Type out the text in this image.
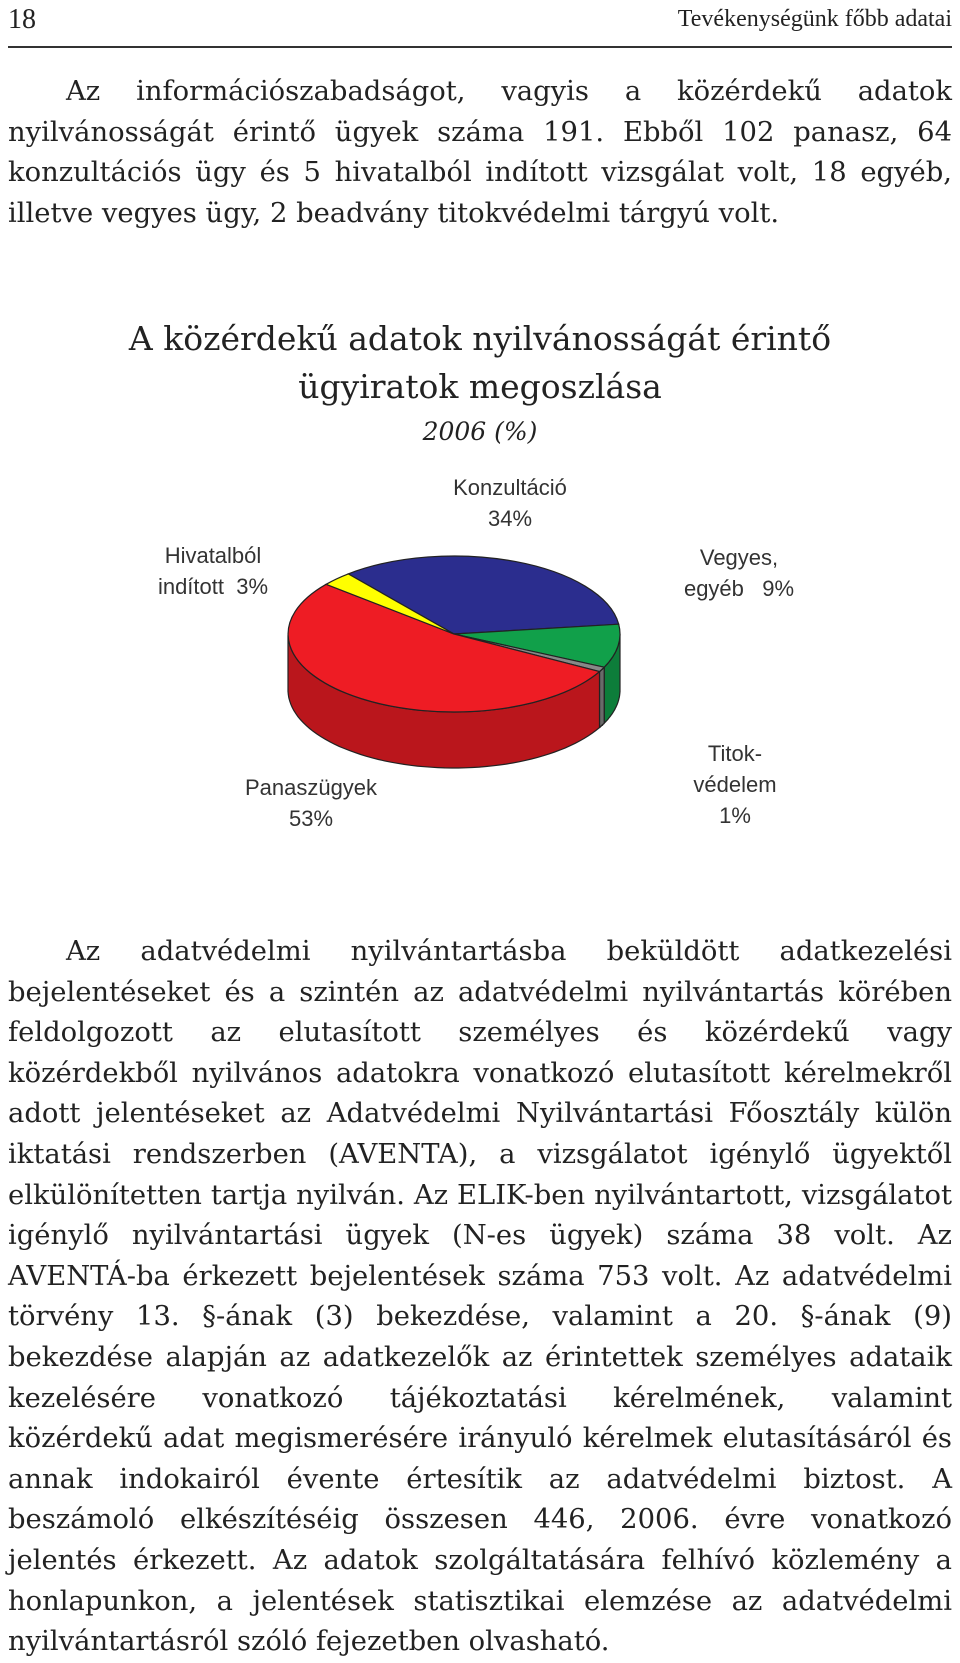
18	Tevékenységünk főbb adatai

Az információszabadságot, vagyis a közérdekű adatok nyilvánosságát érintő ügyek száma 191. Ebből 102 panasz, 64 konzultációs ügy és 5 hivatalból indított vizsgálat volt, 18 egyéb, illetve vegyes ügy, 2 beadvány titokvédelmi tárgyú volt.

A közérdekű adatok nyilvánosságát érintő
ügyiratok megoszlása
2006 (%)
Konzultáció
34%
Hivatalból
indított  3%
Vegyes,
egyéb   9%
Titok-
védelem
1%
Panaszügyek
53%

Az adatvédelmi nyilvántartásba beküldött adatkezelési bejelentéseket és a szintén az adatvédelmi nyilvántartás körében feldolgozott az elutasított személyes és közérdekű vagy közérdekből nyilvános adatokra vonatkozó elutasított kérelmekről adott jelentéseket az Adatvédelmi Nyilvántartási Főosztály külön iktatási rendszerben (AVENTA), a vizsgálatot igénylő ügyektől elkülönítetten tartja nyilván. Az ELIK-ben nyilvántartott, vizsgálatot igénylő nyilvántartási ügyek (N-es ügyek) száma 38 volt. Az AVENTÁ-ba érkezett bejelentések száma 753 volt. Az adatvédelmi törvény 13. §-ának (3) bekezdése, valamint a 20. §-ának (9) bekezdése alapján az adatkezelők az érintettek személyes adataik kezelésére vonatkozó tájékoztatási kérelmének, valamint közérdekű adat megismerésére irányuló kérelmek elutasításáról és annak indokairól évente értesítik az adatvédelmi biztost. A beszámoló elkészítéséig összesen 446, 2006. évre vonatkozó jelentés érkezett. Az adatok szolgáltatására felhívó közlemény a honlapunkon, a jelentések statisztikai elemzése az adatvédelmi nyilvántartásról szóló fejezetben olvasható.
